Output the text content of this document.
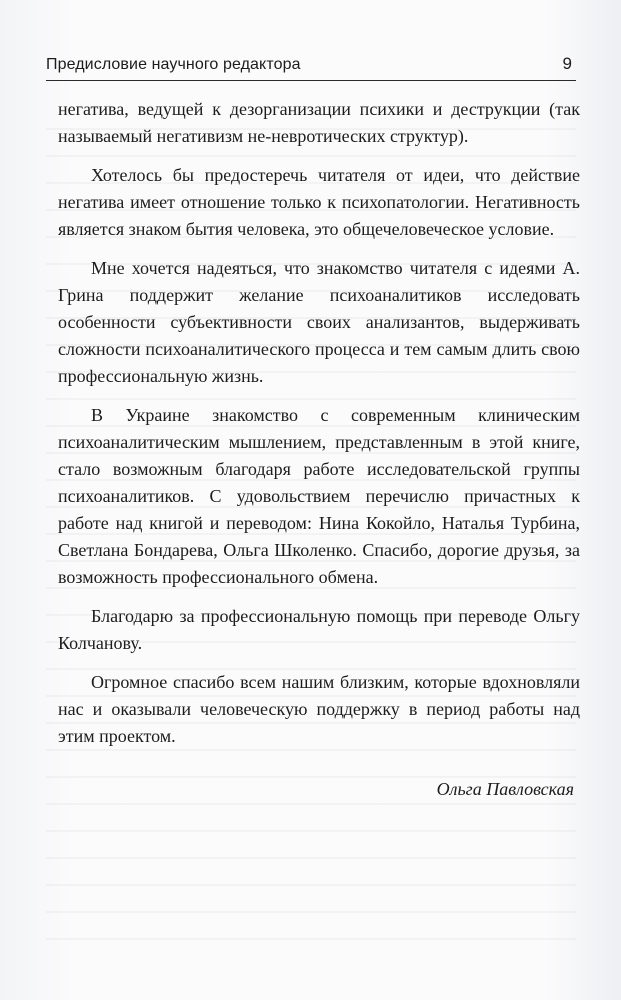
Предисловие научного редактора	9

негатива, ведущей к дезорганизации психики и деструкции (так называемый негативизм не-невротических структур).

Хотелось бы предостеречь читателя от идеи, что действие негатива имеет отношение только к психопатологии. Негативность является знаком бытия человека, это общечеловеческое условие.

Мне хочется надеяться, что знакомство читателя с идеями А. Грина поддержит желание психоаналитиков исследовать особенности субъективности своих анализантов, выдерживать сложности психоаналитического процесса и тем самым длить свою профессиональную жизнь.

В Украине знакомство с современным клиническим психоаналитическим мышлением, представленным в этой книге, стало возможным благодаря работе исследовательской группы психоаналитиков. С удовольствием перечислю причастных к работе над книгой и переводом: Нина Кокойло, Наталья Турбина, Светлана Бондарева, Ольга Школенко. Спасибо, дорогие друзья, за возможность профессионального обмена.

Благодарю за профессиональную помощь при переводе Ольгу Колчанову.

Огромное спасибо всем нашим близким, которые вдохновляли нас и оказывали человеческую поддержку в период работы над этим проектом.

Ольга Павловская
